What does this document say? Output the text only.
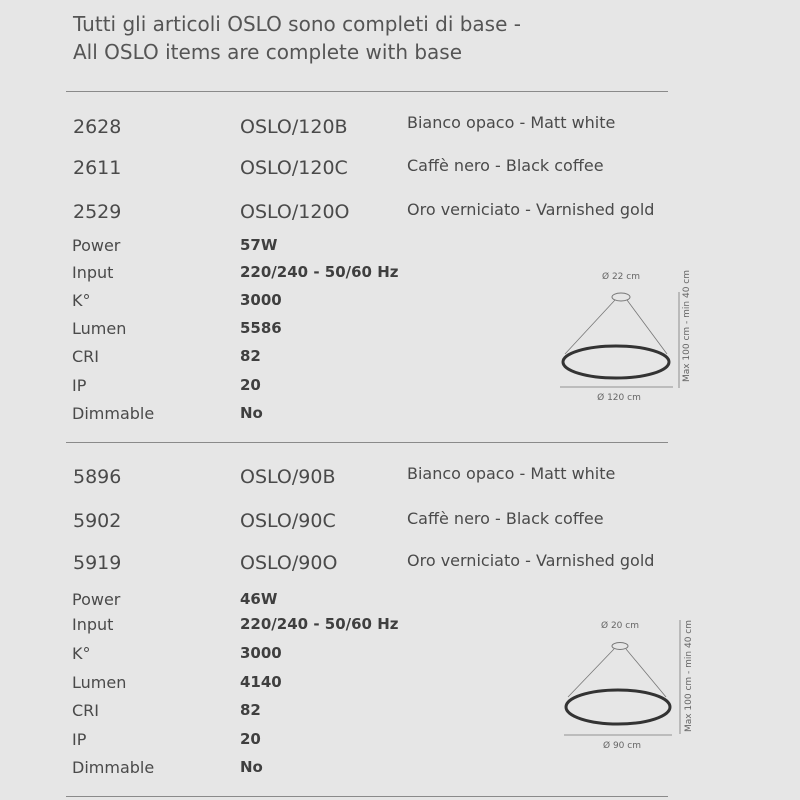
Tutti gli articoli OSLO sono completi di base -
All OSLO items are complete with base
2628	OSLO/120B	Bianco opaco - Matt white
2611	OSLO/120C	Caffè nero - Black coffee
2529	OSLO/120O	Oro verniciato - Varnished gold
Power	57W
Input	220/240 - 50/60 Hz
K°	3000
Lumen	5586
CRI	82
IP	20
Dimmable	No
Ø 22 cm
Ø 120 cm
Max 100 cm - min 40 cm
5896	OSLO/90B	Bianco opaco - Matt white
5902	OSLO/90C	Caffè nero - Black coffee
5919	OSLO/90O	Oro verniciato - Varnished gold
Power	46W
Input	220/240 - 50/60 Hz
K°	3000
Lumen	4140
CRI	82
IP	20
Dimmable	No
Ø 20 cm
Ø 90 cm
Max 100 cm - min 40 cm
